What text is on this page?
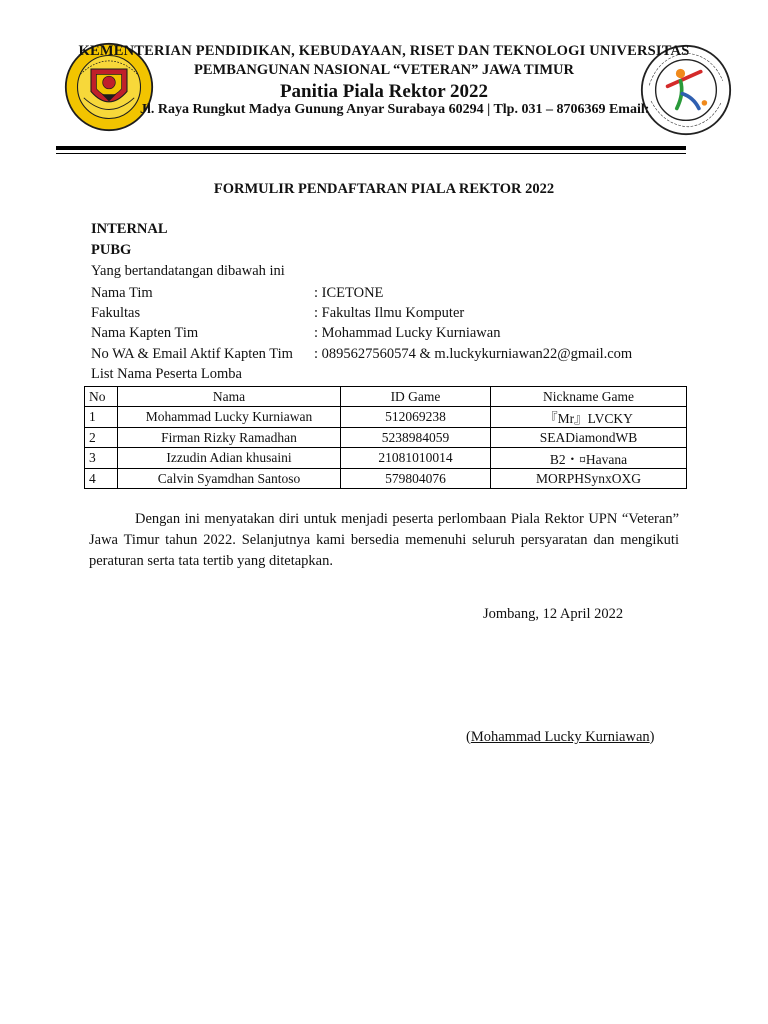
KEMENTERIAN PENDIDIKAN, KEBUDAYAAN, RISET DAN TEKNOLOGI UNIVERSITAS
PEMBANGUNAN NASIONAL “VETERAN” JAWA TIMUR
Panitia Piala Rektor 2022
Jl. Raya Rungkut Madya Gunung Anyar Surabaya 60294 | Tlp. 031 – 8706369 Email:
FORMULIR PENDAFTARAN PIALA REKTOR 2022
INTERNAL
PUBG
Yang bertandatangan dibawah ini
Nama Tim	: ICETONE
Fakultas	: Fakultas Ilmu Komputer
Nama Kapten Tim	: Mohammad Lucky Kurniawan
No WA & Email Aktif Kapten Tim : 0895627560574 & m.luckykurniawan22@gmail.com
List Nama Peserta Lomba
No	Nama	ID Game	Nickname Game
1	Mohammad Lucky Kurniawan	512069238	『Mr』LVCKY
2	Firman Rizky Ramadhan	5238984059	SEADiamondWB
3	Izzudin Adian khusaini	21081010014	B2・¤Havana
4	Calvin Syamdhan Santoso	579804076	MORPHSynxOXG
Dengan ini menyatakan diri untuk menjadi peserta perlombaan Piala Rektor UPN “Veteran” Jawa Timur tahun 2022. Selanjutnya kami bersedia memenuhi seluruh persyaratan dan mengikuti peraturan serta tata tertib yang ditetapkan.
Jombang, 12 April 2022
(Mohammad Lucky Kurniawan)
